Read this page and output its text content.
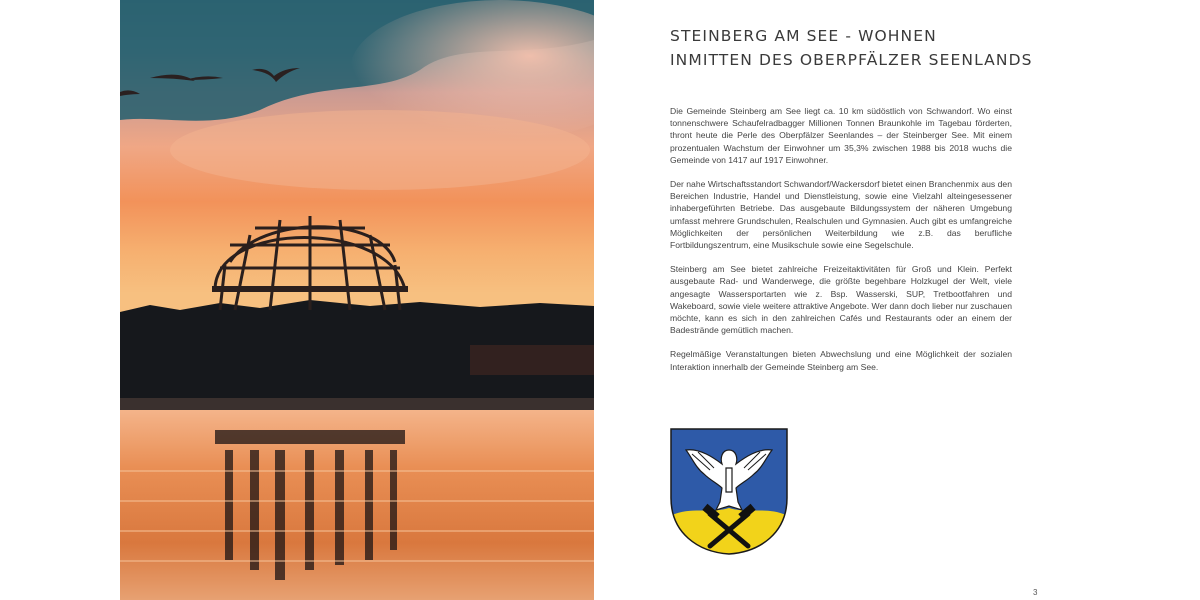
STEINBERG AM SEE - WOHNEN
INMITTEN DES OBERPFÄLZER SEENLANDS

Die Gemeinde Steinberg am See liegt ca. 10 km südöstlich von Schwandorf. Wo einst tonnenschwere Schaufelradbagger Millionen Tonnen Braunkohle im Tagebau förderten, thront heute die Perle des Oberpfälzer Seenlandes – der Steinberger See. Mit einem prozentualen Wachstum der Einwohner um 35,3% zwischen 1988 bis 2018 wuchs die Gemeinde von 1417 auf 1917 Einwohner.

Der nahe Wirtschaftsstandort Schwandorf/Wackersdorf bietet einen Branchenmix aus den Bereichen Industrie, Handel und Dienstleistung, sowie eine Vielzahl alteingesessener inhabergeführten Betriebe. Das ausgebaute Bildungssystem der näheren Umgebung umfasst mehrere Grundschulen, Realschulen und Gymnasien. Auch gibt es umfangreiche Möglichkeiten der persönlichen Weiterbildung wie z.B. das berufliche Fortbildungszentrum, eine Musikschule sowie eine Segelschule.

Steinberg am See bietet zahlreiche Freizeitaktivitäten für Groß und Klein. Perfekt ausgebaute Rad- und Wanderwege, die größte begehbare Holzkugel der Welt, viele angesagte Wassersportarten wie z. Bsp. Wasserski, SUP, Tretbootfahren und Wakeboard, sowie viele weitere attraktive Angebote. Wer dann doch lieber nur zuschauen möchte, kann es sich in den zahlreichen Cafés und Restaurants oder an einem der Badestrände gemütlich machen.

Regelmäßige Veranstaltungen bieten Abwechslung und eine Möglichkeit der sozialen Interaktion innerhalb der Gemeinde Steinberg am See.

3
